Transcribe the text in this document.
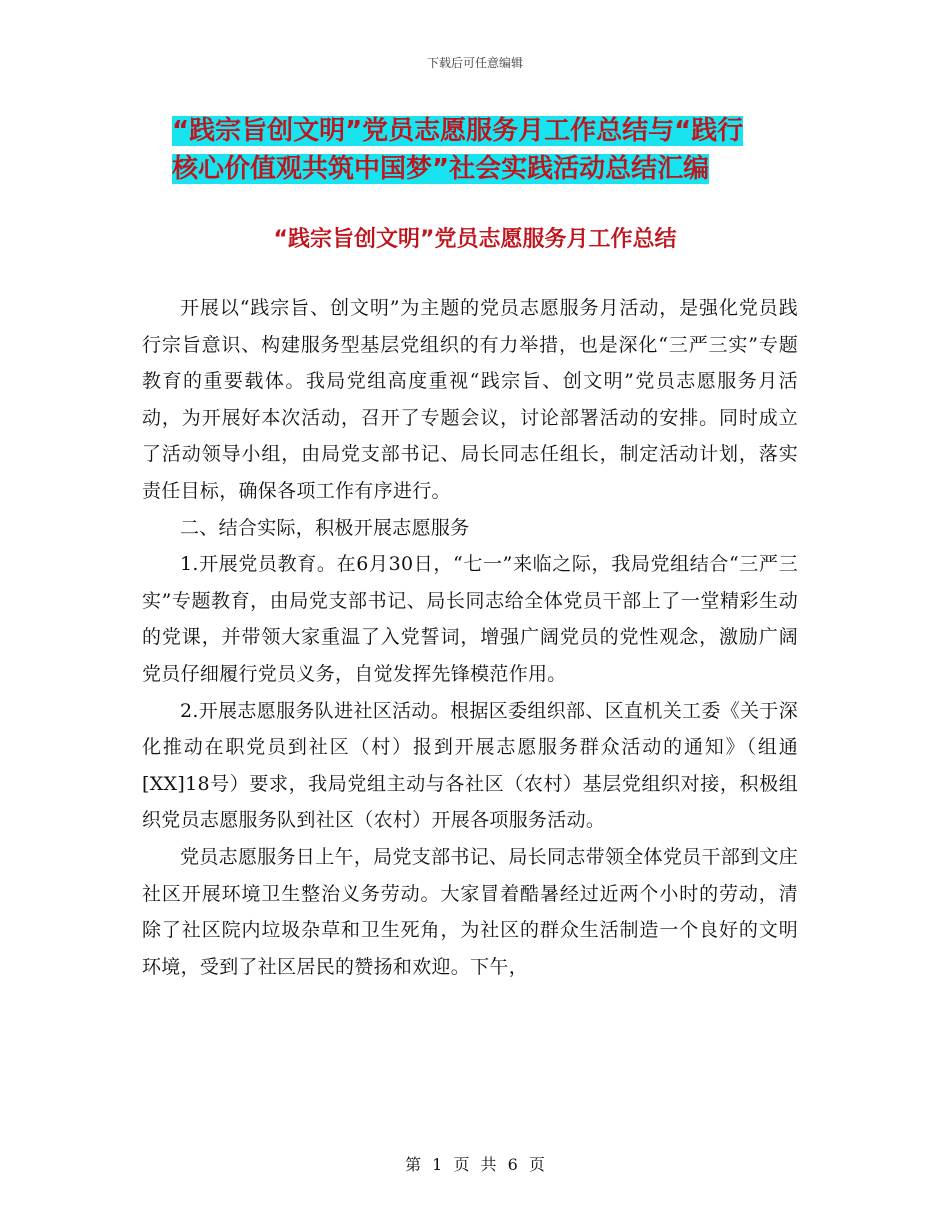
下载后可任意编辑
“践宗旨创文明”党员志愿服务月工作总结与“践行
核心价值观共筑中国梦”社会实践活动总结汇编
“践宗旨创文明”党员志愿服务月工作总结

开展以“践宗旨、创文明”为主题的党员志愿服务月活动，是强化党员践行宗旨意识、构建服务型基层党组织的有力举措，也是深化“三严三实”专题教育的重要载体。我局党组高度重视“践宗旨、创文明”党员志愿服务月活动，为开展好本次活动，召开了专题会议，讨论部署活动的安排。同时成立了活动领导小组，由局党支部书记、局长同志任组长，制定活动计划，落实责任目标，确保各项工作有序进行。

二、结合实际，积极开展志愿服务

1.开展党员教育。在6月30日，“七一”来临之际，我局党组结合“三严三实”专题教育，由局党支部书记、局长同志给全体党员干部上了一堂精彩生动的党课，并带领大家重温了入党誓词，增强广阔党员的党性观念，激励广阔党员仔细履行党员义务，自觉发挥先锋模范作用。

2.开展志愿服务队进社区活动。根据区委组织部、区直机关工委《关于深化推动在职党员到社区（村）报到开展志愿服务群众活动的通知》（组通[XX]18号）要求，我局党组主动与各社区（农村）基层党组织对接，积极组织党员志愿服务队到社区（农村）开展各项服务活动。

党员志愿服务日上午，局党支部书记、局长同志带领全体党员干部到文庄社区开展环境卫生整治义务劳动。大家冒着酷暑经过近两个小时的劳动，清除了社区院内垃圾杂草和卫生死角，为社区的群众生活制造一个良好的文明环境，受到了社区居民的赞扬和欢迎。下午，

第 1 页 共 6 页
